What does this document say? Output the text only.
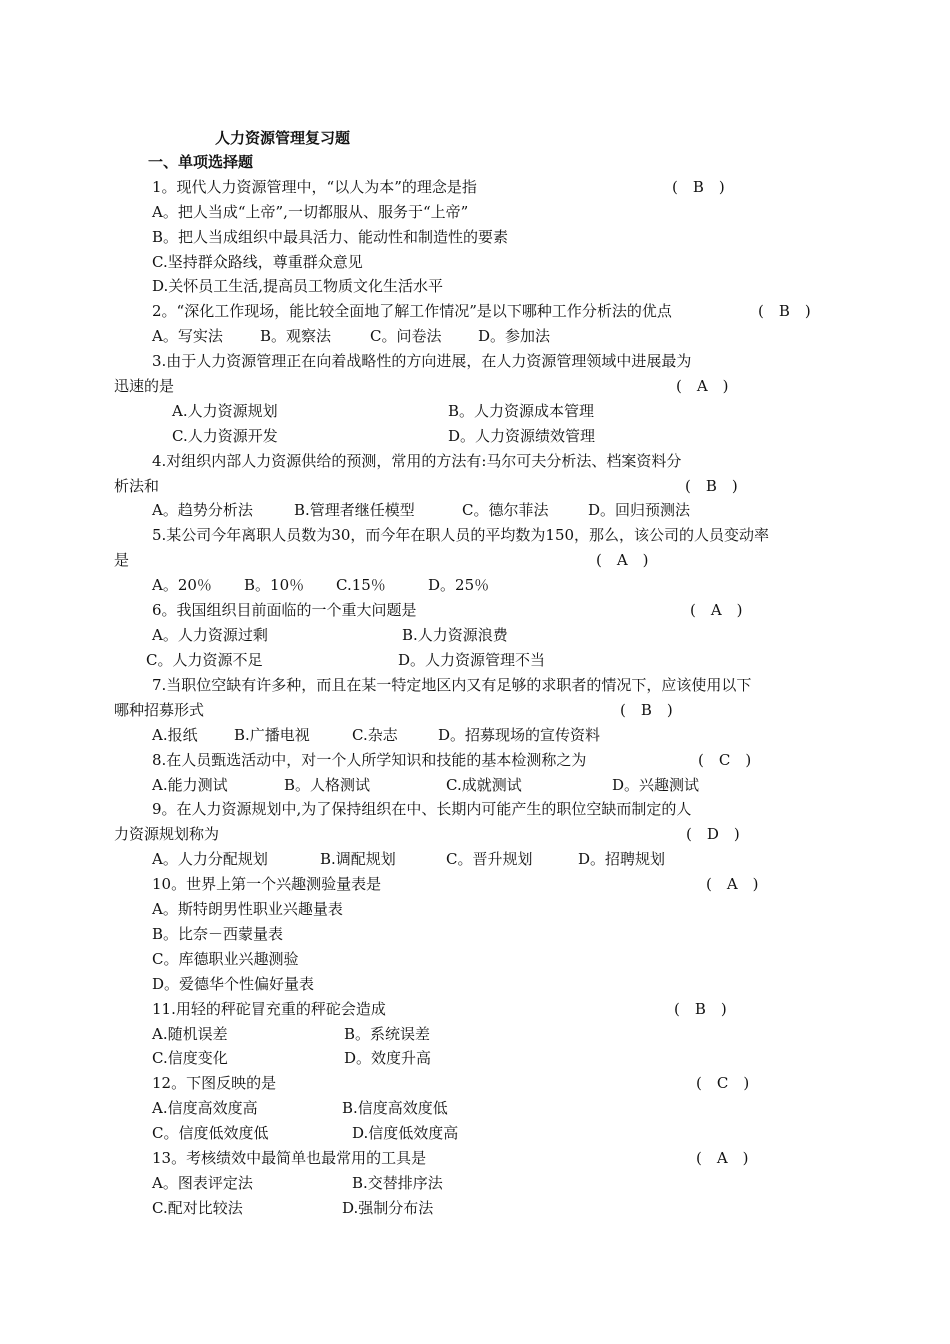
人力资源管理复习题
一、单项选择题
1。现代人力资源管理中，“以人为本”的理念是指	(　B　)
A。把人当成“上帝”,一切都服从、服务于“上帝”
B。把人当成组织中最具活力、能动性和制造性的要素
C.坚持群众路线，尊重群众意见
D.关怀员工生活,提高员工物质文化生活水平
2。“深化工作现场，能比较全面地了解工作情况”是以下哪种工作分析法的优点	(　B　)
A。写实法 B。观察法	C。问卷法 D。参加法
3.由于人力资源管理正在向着战略性的方向进展，在人力资源管理领域中进展最为
迅速的是	(　A　)
A.人力资源规划	B。人力资源成本管理
C.人力资源开发	D。人力资源绩效管理
4.对组织内部人力资源供给的预测，常用的方法有:马尔可夫分析法、档案资料分
析法和	(　B　)
A。趋势分析法	B.管理者继任模型	C。德尔菲法	D。回归预测法
5.某公司今年离职人员数为30，而今年在职人员的平均数为150，那么，该公司的人员变动率
是	(　A　)
A。20％ B。10％ C.15％	D。25％
6。我国组织目前面临的一个重大问题是	(　A　)
A。人力资源过剩	B.人力资源浪费
C。人力资源不足	D。人力资源管理不当
7.当职位空缺有许多种，而且在某一特定地区内又有足够的求职者的情况下，应该使用以下
哪种招募形式	(　B　)
A.报纸 B.广播电视	C.杂志	D。招募现场的宣传资料
8.在人员甄选活动中，对一个人所学知识和技能的基本检测称之为	(　C　)
A.能力测试	B。人格测试	C.成就测试	D。兴趣测试
9。在人力资源规划中,为了保持组织在中、长期内可能产生的职位空缺而制定的人
力资源规划称为	(　D　)
A。人力分配规划	B.调配规划	C。晋升规划	D。招聘规划
10。世界上第一个兴趣测验量表是	(　A　)
A。斯特朗男性职业兴趣量表
B。比奈－西蒙量表
C。库德职业兴趣测验
D。爱德华个性偏好量表
11.用轻的秤砣冒充重的秤砣会造成	(　B　)
A.随机误差	B。系统误差
C.信度变化	D。效度升高
12。下图反映的是	(　C　)
A.信度高效度高	B.信度高效度低
C。信度低效度低	D.信度低效度高
13。考核绩效中最简单也最常用的工具是	(　A　)
A。图表评定法	B.交替排序法
C.配对比较法	D.强制分布法
